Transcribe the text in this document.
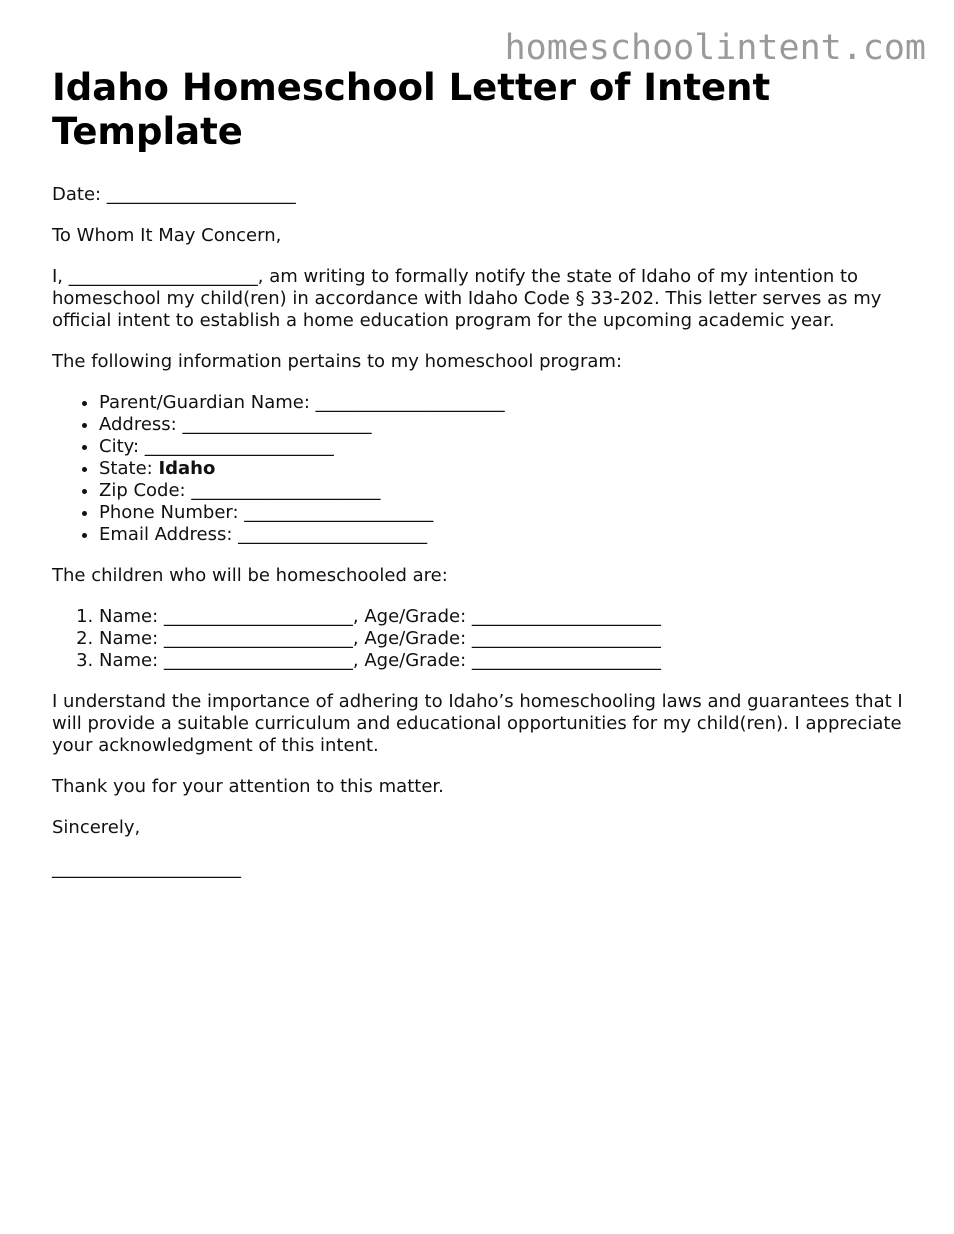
homeschoolintent.com
Idaho Homeschool Letter of Intent Template

Date: _____________________

To Whom It May Concern,

I, _____________________, am writing to formally notify the state of Idaho of my intention to homeschool my child(ren) in accordance with Idaho Code § 33-202. This letter serves as my official intent to establish a home education program for the upcoming academic year.

The following information pertains to my homeschool program:

• Parent/Guardian Name: _____________________
• Address: _____________________
• City: _____________________
• State: Idaho
• Zip Code: _____________________
• Phone Number: _____________________
• Email Address: _____________________

The children who will be homeschooled are:

1. Name: _____________________, Age/Grade: _____________________
2. Name: _____________________, Age/Grade: _____________________
3. Name: _____________________, Age/Grade: _____________________

I understand the importance of adhering to Idaho’s homeschooling laws and guarantees that I will provide a suitable curriculum and educational opportunities for my child(ren). I appreciate your acknowledgment of this intent.

Thank you for your attention to this matter.

Sincerely,

_____________________
